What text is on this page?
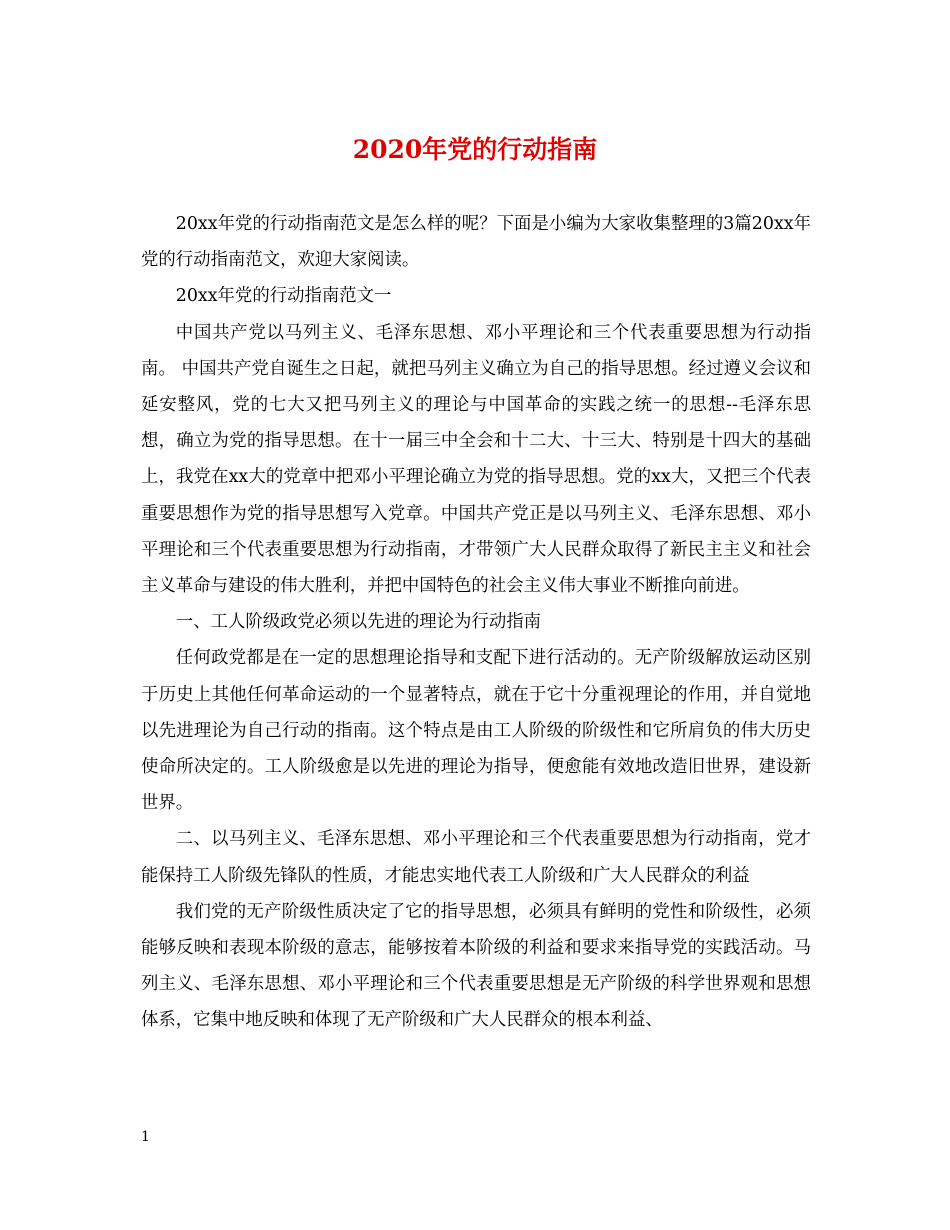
2020年党的行动指南

20xx年党的行动指南范文是怎么样的呢？下面是小编为大家收集整理的3篇20xx年党的行动指南范文，欢迎大家阅读。

20xx年党的行动指南范文一

中国共产党以马列主义、毛泽东思想、邓小平理论和三个代表重要思想为行动指南。 中国共产党自诞生之日起，就把马列主义确立为自己的指导思想。经过遵义会议和延安整风，党的七大又把马列主义的理论与中国革命的实践之统一的思想--毛泽东思想，确立为党的指导思想。在十一届三中全会和十二大、十三大、特别是十四大的基础上，我党在xx大的党章中把邓小平理论确立为党的指导思想。党的xx大，又把三个代表重要思想作为党的指导思想写入党章。中国共产党正是以马列主义、毛泽东思想、邓小平理论和三个代表重要思想为行动指南，才带领广大人民群众取得了新民主主义和社会主义革命与建设的伟大胜利，并把中国特色的社会主义伟大事业不断推向前进。

一、工人阶级政党必须以先进的理论为行动指南

任何政党都是在一定的思想理论指导和支配下进行活动的。无产阶级解放运动区别于历史上其他任何革命运动的一个显著特点，就在于它十分重视理论的作用，并自觉地以先进理论为自己行动的指南。这个特点是由工人阶级的阶级性和它所肩负的伟大历史使命所决定的。工人阶级愈是以先进的理论为指导，便愈能有效地改造旧世界，建设新世界。

二、以马列主义、毛泽东思想、邓小平理论和三个代表重要思想为行动指南，党才能保持工人阶级先锋队的性质，才能忠实地代表工人阶级和广大人民群众的利益

我们党的无产阶级性质决定了它的指导思想，必须具有鲜明的党性和阶级性，必须能够反映和表现本阶级的意志，能够按着本阶级的利益和要求来指导党的实践活动。马列主义、毛泽东思想、邓小平理论和三个代表重要思想是无产阶级的科学世界观和思想体系，它集中地反映和体现了无产阶级和广大人民群众的根本利益、

1
